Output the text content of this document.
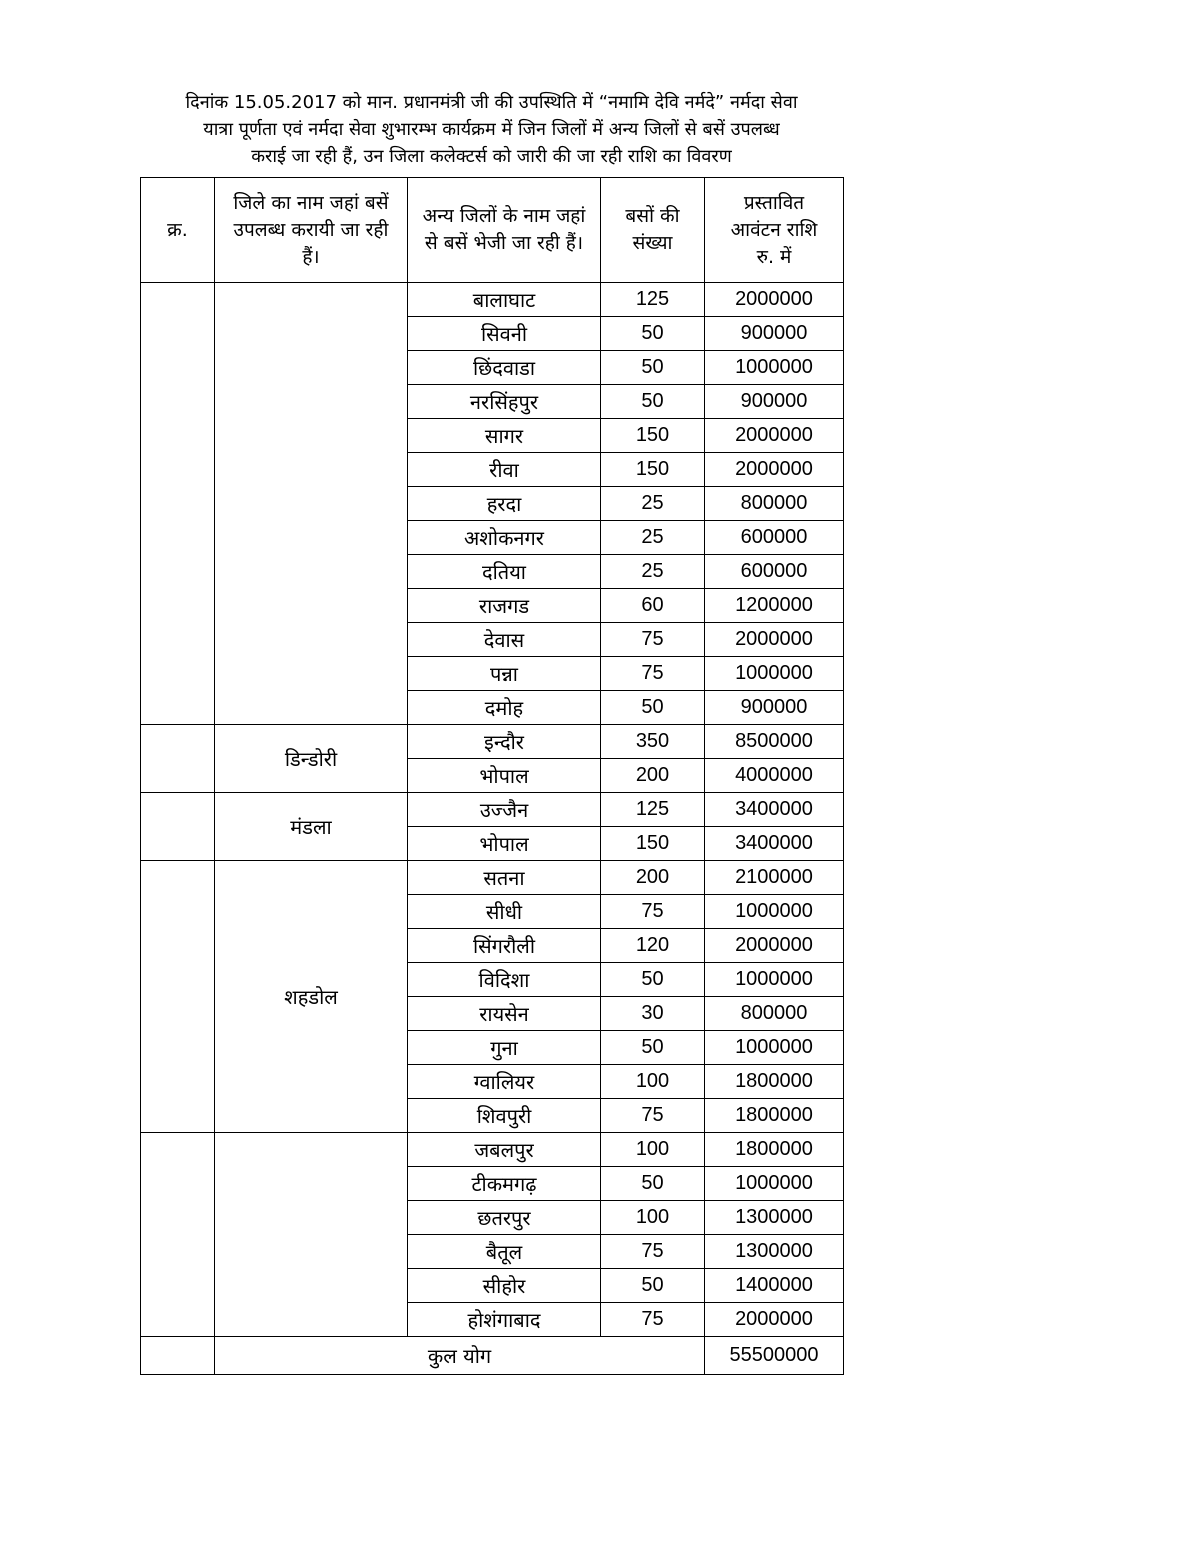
दिनांक 15.05.2017 को मान. प्रधानमंत्री जी की उपस्थिति में “नमामि देवि नर्मदे” नर्मदा सेवा
यात्रा पूर्णता एवं नर्मदा सेवा शुभारम्भ कार्यक्रम में जिन जिलों में अन्य जिलों से बसें उपलब्ध
कराई जा रही हैं, उन जिला कलेक्टर्स को जारी की जा रही राशि का विवरण
क्र.	जिले का नाम जहां बसें उपलब्ध करायी जा रही हैं।	अन्य जिलों के नाम जहां से बसें भेजी जा रही हैं।	बसों की संख्या	प्रस्तावित आवंटन राशि रु. में
		बालाघाट	125	2000000
		सिवनी	50	900000
		छिंदवाडा	50	1000000
		नरसिंहपुर	50	900000
		सागर	150	2000000
		रीवा	150	2000000
		हरदा	25	800000
		अशोकनगर	25	600000
		दतिया	25	600000
		राजगड	60	1200000
		देवास	75	2000000
		पन्ना	75	1000000
		दमोह	50	900000
	डिन्डोरी	इन्दौर	350	8500000
		भोपाल	200	4000000
	मंडला	उज्जैन	125	3400000
		भोपाल	150	3400000
	शहडोल	सतना	200	2100000
		सीधी	75	1000000
		सिंगरौली	120	2000000
		विदिशा	50	1000000
		रायसेन	30	800000
		गुना	50	1000000
		ग्वालियर	100	1800000
		शिवपुरी	75	1800000
		जबलपुर	100	1800000
		टीकमगढ़	50	1000000
		छतरपुर	100	1300000
		बैतूल	75	1300000
		सीहोर	50	1400000
		होशंगाबाद	75	2000000
	कुल योग			55500000
